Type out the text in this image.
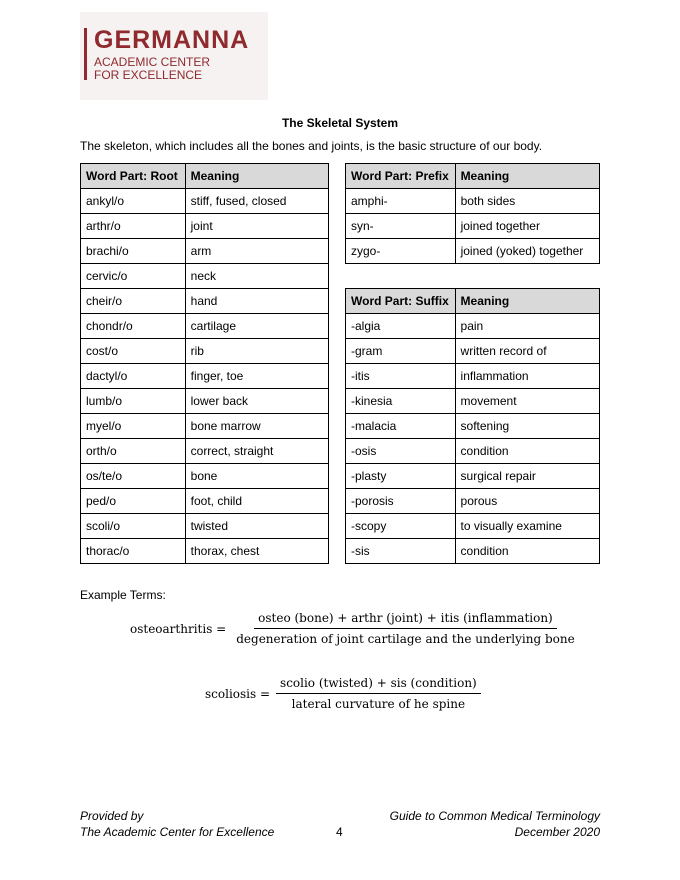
GERMANNA
ACADEMIC CENTER
FOR EXCELLENCE
The Skeletal System
The skeleton, which includes all the bones and joints, is the basic structure of our body.
Word Part: Root	Meaning
ankyl/o	stiff, fused, closed
arthr/o	joint
brachi/o	arm
cervic/o	neck
cheir/o	hand
chondr/o	cartilage
cost/o	rib
dactyl/o	finger, toe
lumb/o	lower back
myel/o	bone marrow
orth/o	correct, straight
os/te/o	bone
ped/o	foot, child
scoli/o	twisted
thorac/o	thorax, chest
Word Part: Prefix	Meaning
amphi-	both sides
syn-	joined together
zygo-	joined (yoked) together
Word Part: Suffix	Meaning
-algia	pain
-gram	written record of
-itis	inflammation
-kinesia	movement
-malacia	softening
-osis	condition
-plasty	surgical repair
-porosis	porous
-scopy	to visually examine
-sis	condition
Example Terms:
osteoarthritis = $\frac{\text{osteo (bone) + arthr (joint) + itis (inflammation)}}{\text{degeneration of joint cartilage and the underlying bone}}$
scoliosis = $\frac{\text{scolio (twisted) + sis (condition)}}{\text{lateral curvature of he spine}}$
Provided by
The Academic Center for Excellence	4
Guide to Common Medical Terminology
December 2020
